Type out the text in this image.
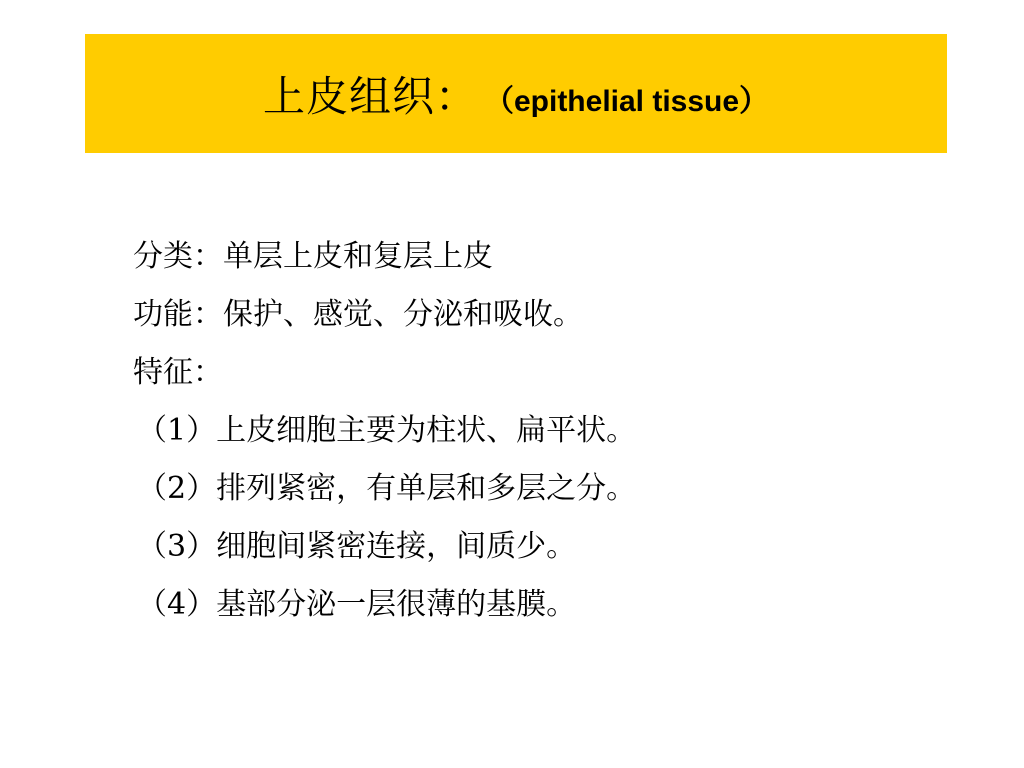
上皮组织： （epithelial tissue）
分类：单层上皮和复层上皮
功能：保护、感觉、分泌和吸收。
特征：
（1）上皮细胞主要为柱状、扁平状。
（2）排列紧密，有单层和多层之分。
（3）细胞间紧密连接，间质少。
（4）基部分泌一层很薄的基膜。
